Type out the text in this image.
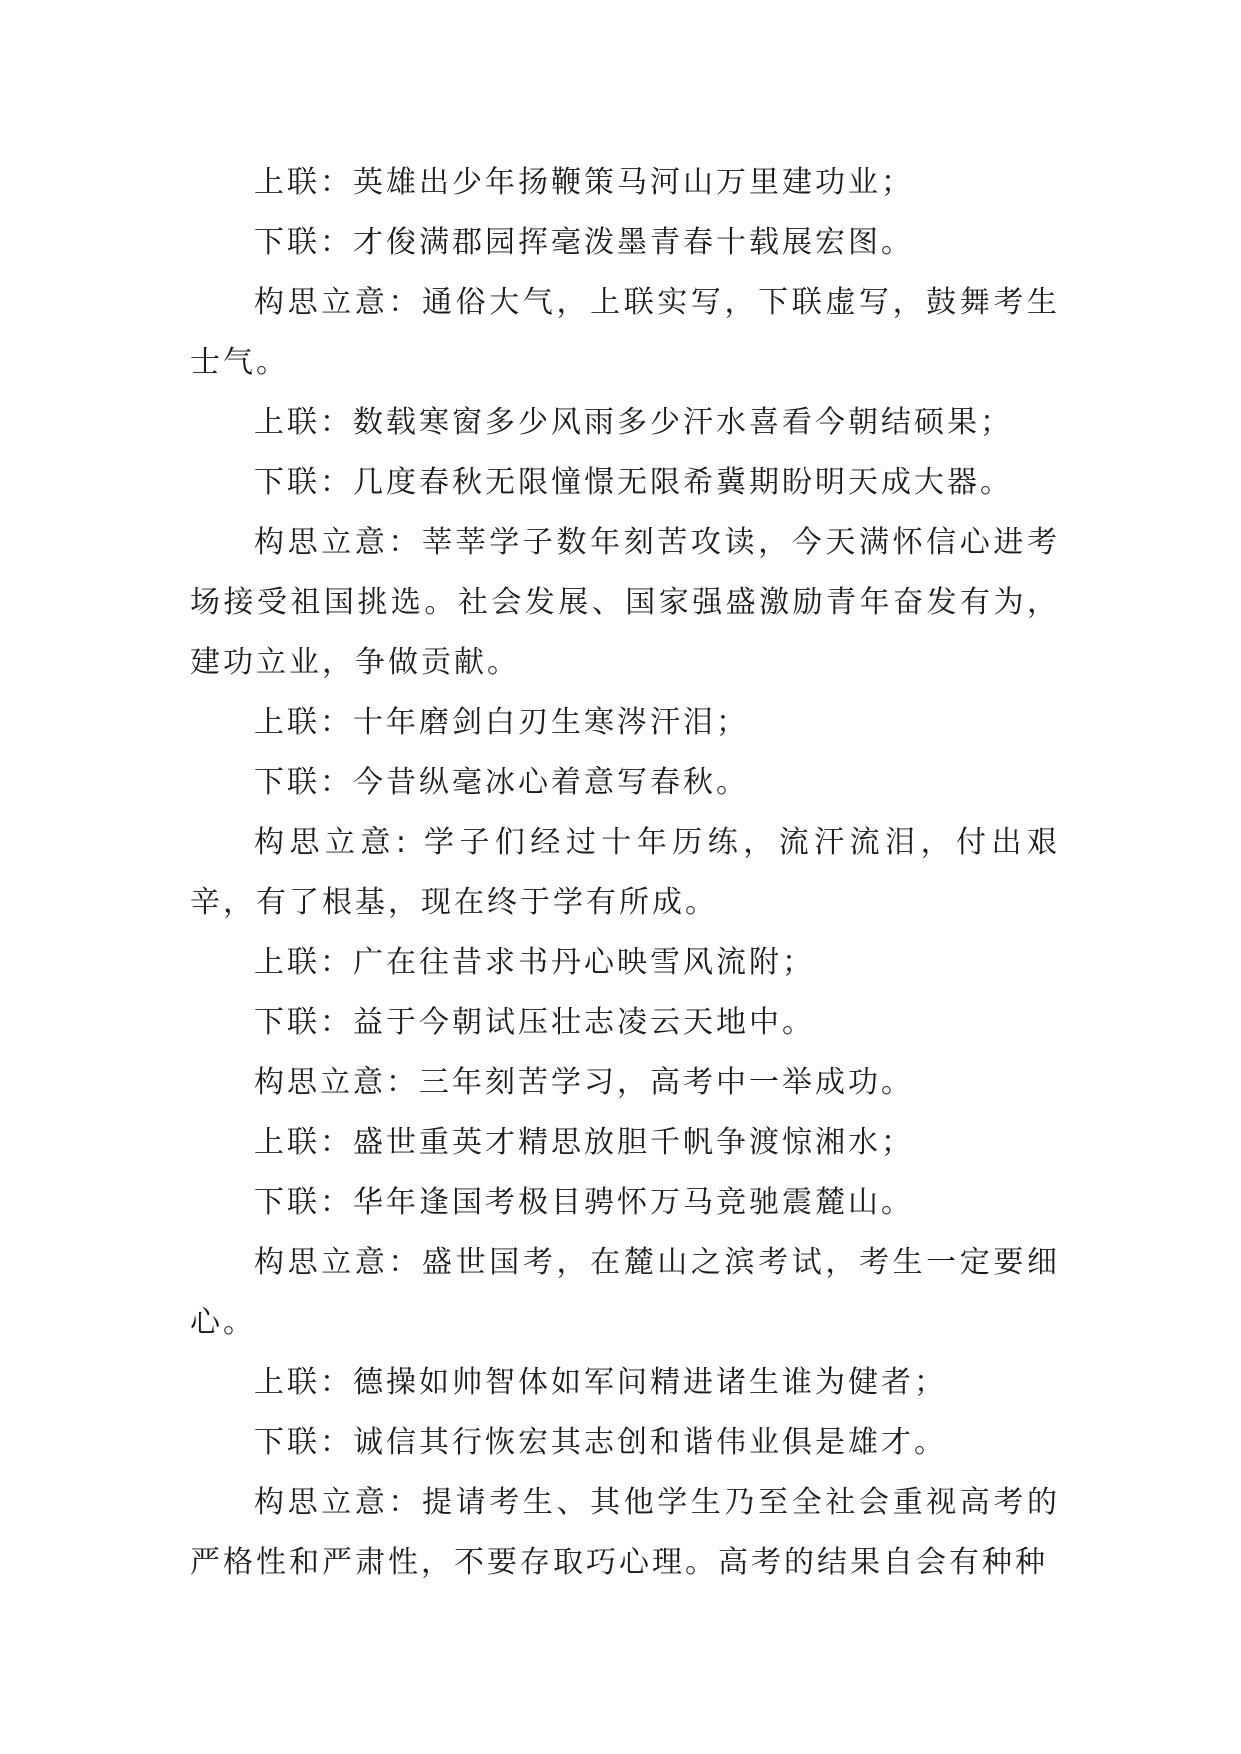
上联：英雄出少年扬鞭策马河山万里建功业；

下联：才俊满郡园挥毫泼墨青春十载展宏图。

构思立意：通俗大气，上联实写，下联虚写，鼓舞考生士气。

上联：数载寒窗多少风雨多少汗水喜看今朝结硕果；

下联：几度春秋无限憧憬无限希冀期盼明天成大器。

构思立意：莘莘学子数年刻苦攻读，今天满怀信心进考场接受祖国挑选。社会发展、国家强盛激励青年奋发有为，建功立业，争做贡献。

上联：十年磨剑白刃生寒涔汗泪；

下联：今昔纵毫冰心着意写春秋。

构思立意: 学子们经过十年历练，流汗流泪，付出艰辛，有了根基，现在终于学有所成。

上联：广在往昔求书丹心映雪风流附；

下联：益于今朝试压壮志凌云天地中。

构思立意：三年刻苦学习，高考中一举成功。

上联：盛世重英才精思放胆千帆争渡惊湘水；

下联：华年逢国考极目骋怀万马竞驰震麓山。

构思立意：盛世国考，在麓山之滨考试，考生一定要细心。

上联：德操如帅智体如军问精进诸生谁为健者；

下联：诚信其行恢宏其志创和谐伟业俱是雄才。

构思立意：提请考生、其他学生乃至全社会重视高考的严格性和严肃性，不要存取巧心理。高考的结果自会有种种
